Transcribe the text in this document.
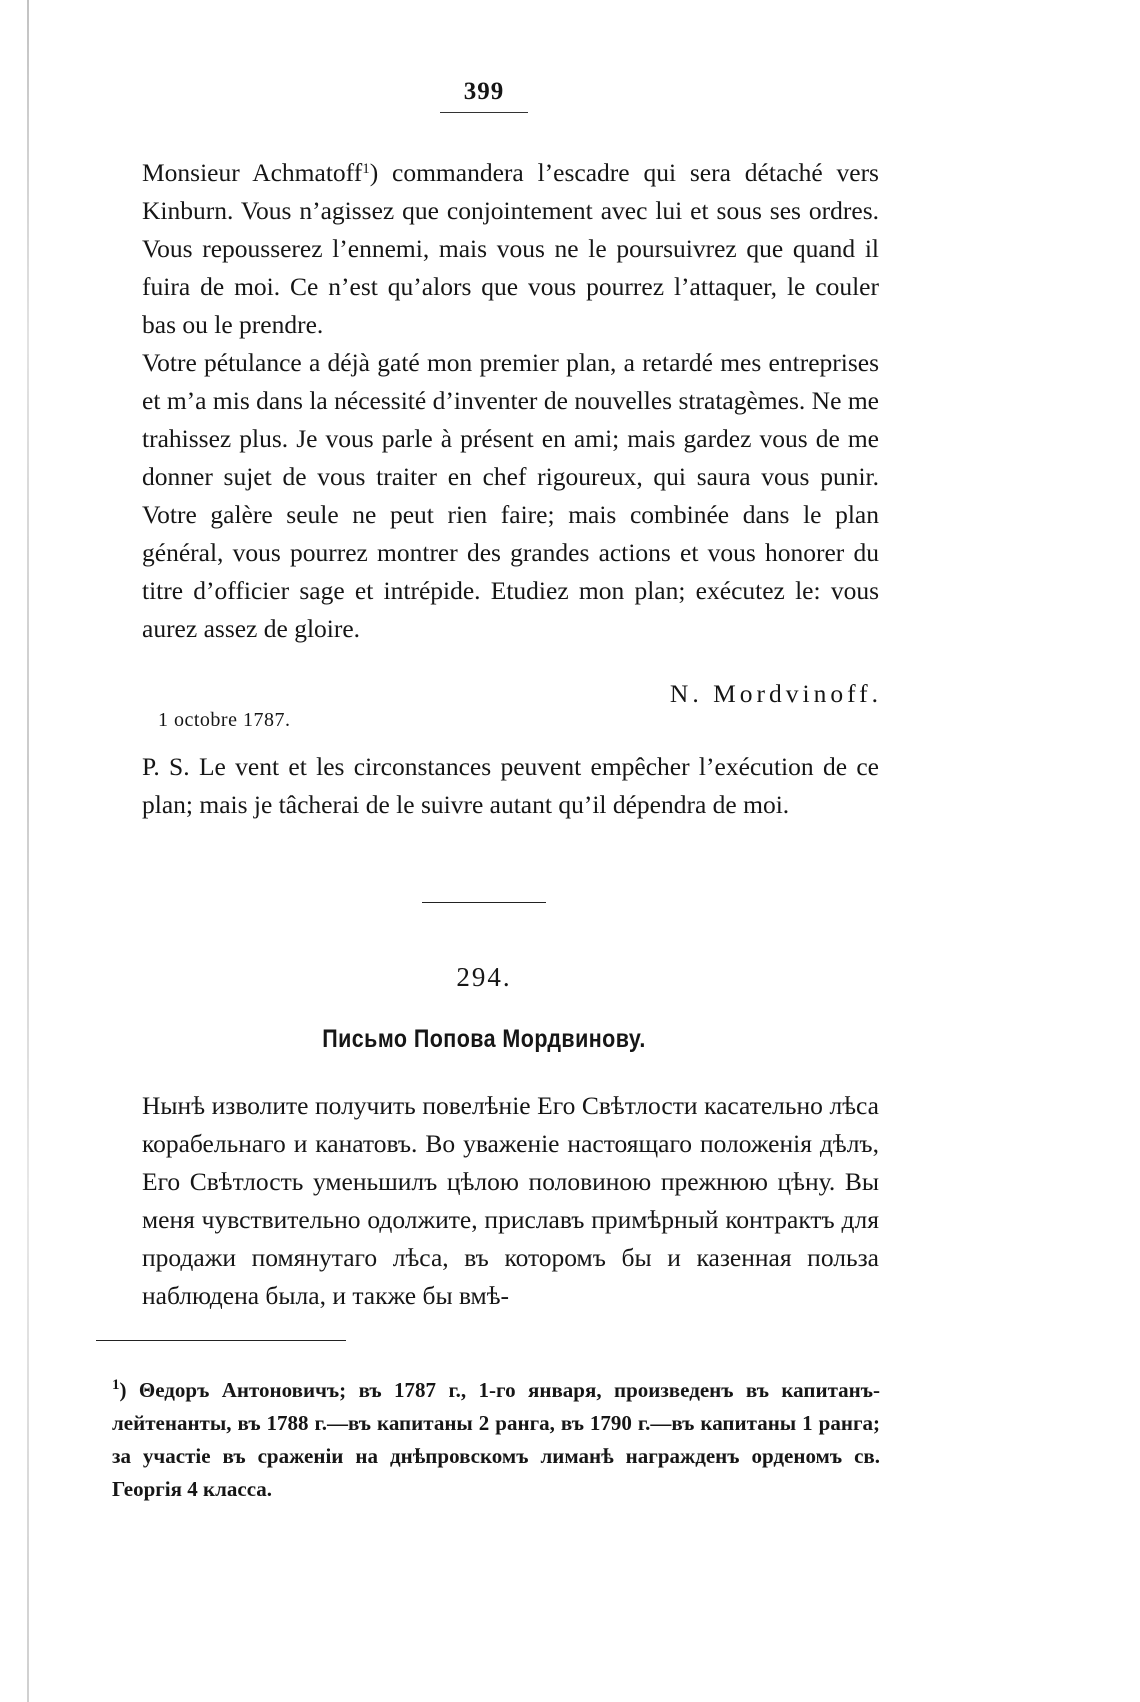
399

Monsieur Achmatoff$^1$) commandera l’escadre qui sera détaché vers Kinburn. Vous n’agissez que conjointement avec lui et sous ses ordres. Vous repousserez l’ennemi, mais vous ne le poursuivrez que quand il fuira de moi. Ce n’est qu’alors que vous pourrez l’attaquer, le couler bas ou le prendre.

Votre pétulance a déjà gaté mon premier plan, a retardé mes entreprises et m’a mis dans la nécessité d’inventer de nouvelles stratagèmes. Ne me trahissez plus. Je vous parle à présent en ami; mais gardez vous de me donner sujet de vous traiter en chef rigoureux, qui saura vous punir. Votre galère seule ne peut rien faire; mais combinée dans le plan général, vous pourrez montrer des grandes actions et vous honorer du titre d’officier sage et intrépide. Etudiez mon plan; exécutez le: vous aurez assez de gloire.

N. Mordvinoff.
1 octobre 1787.

P. S. Le vent et les circonstances peuvent empêcher l’exécution de ce plan; mais je tâcherai de le suivre autant qu’il dépendra de moi.

294.
Письмо Попова Мордвинову.

Нынѣ изволите получить повелѣніе Его Свѣтлости касательно лѣса корабельнаго и канатовъ. Во уваженіе настоящаго положенія дѣлъ, Его Свѣтлость уменьшилъ цѣлою половиною прежнюю цѣну. Вы меня чувствительно одолжите, приславъ примѣрный контрактъ для продажи помянутаго лѣса, въ которомъ бы и казенная польза наблюдена была, и также бы вмѣ-

$^1$) Θедоръ Антоновичъ; въ 1787 г., 1-го января, произведенъ въ капитанъ-лейтенанты, въ 1788 г.—въ капитаны 2 ранга, въ 1790 г.—въ капитаны 1 ранга; за участіе въ сраженіи на днѣпровскомъ лиманѣ награжденъ орденомъ св. Георгія 4 класса.
